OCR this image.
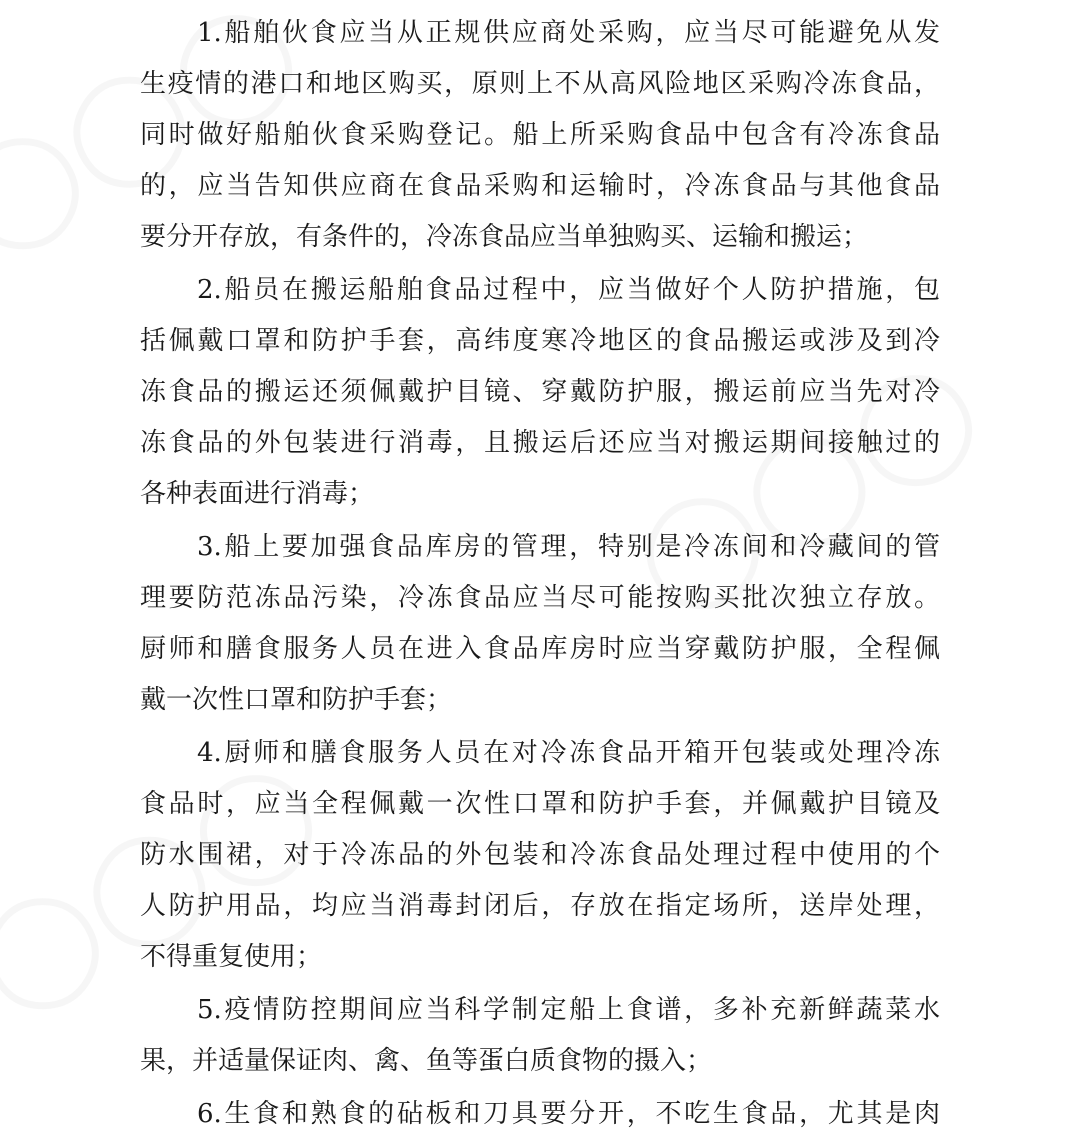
1.船舶伙食应当从正规供应商处采购，应当尽可能避免从发
生疫情的港口和地区购买，原则上不从高风险地区采购冷冻食品，
同时做好船舶伙食采购登记。船上所采购食品中包含有冷冻食品
的，应当告知供应商在食品采购和运输时，冷冻食品与其他食品
要分开存放，有条件的，冷冻食品应当单独购买、运输和搬运；
2.船员在搬运船舶食品过程中，应当做好个人防护措施，包
括佩戴口罩和防护手套，高纬度寒冷地区的食品搬运或涉及到冷
冻食品的搬运还须佩戴护目镜、穿戴防护服，搬运前应当先对冷
冻食品的外包装进行消毒，且搬运后还应当对搬运期间接触过的
各种表面进行消毒；
3.船上要加强食品库房的管理，特别是冷冻间和冷藏间的管
理要防范冻品污染，冷冻食品应当尽可能按购买批次独立存放。
厨师和膳食服务人员在进入食品库房时应当穿戴防护服，全程佩
戴一次性口罩和防护手套；
4.厨师和膳食服务人员在对冷冻食品开箱开包装或处理冷冻
食品时，应当全程佩戴一次性口罩和防护手套，并佩戴护目镜及
防水围裙，对于冷冻品的外包装和冷冻食品处理过程中使用的个
人防护用品，均应当消毒封闭后，存放在指定场所，送岸处理，
不得重复使用；
5.疫情防控期间应当科学制定船上食谱，多补充新鲜蔬菜水
果，并适量保证肉、禽、鱼等蛋白质食物的摄入；
6.生食和熟食的砧板和刀具要分开，不吃生食品，尤其是肉
